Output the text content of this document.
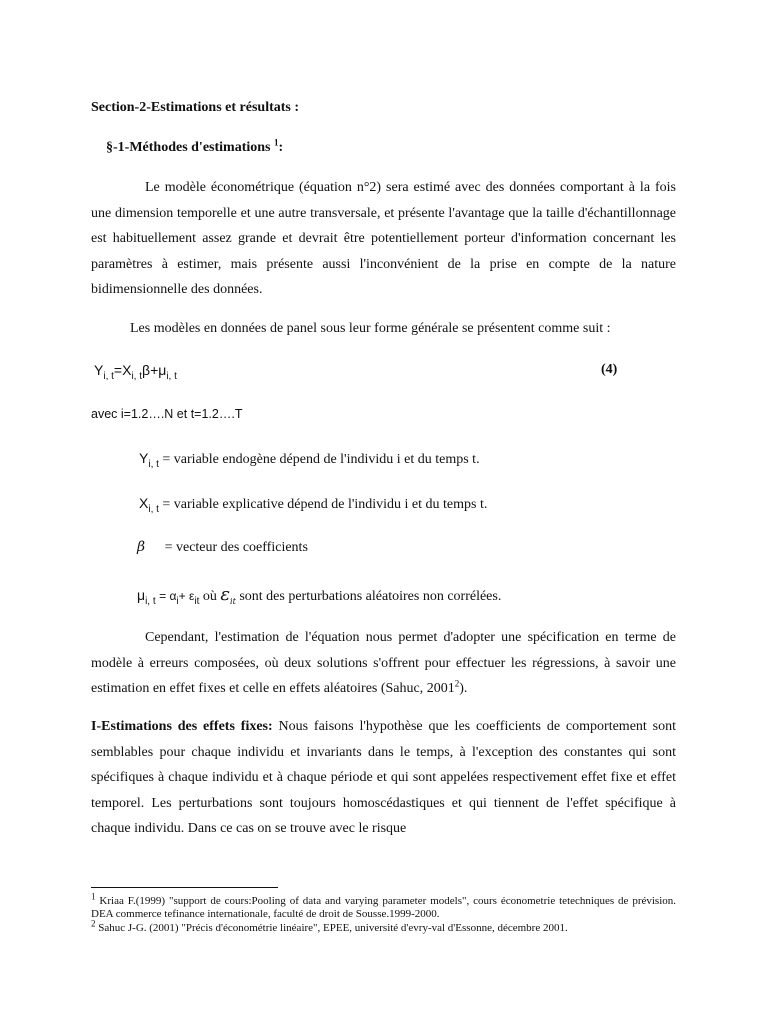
Section-2-Estimations et résultats :
§-1-Méthodes d'estimations $^1$:
Le modèle économétrique (équation n°2) sera estimé avec des données comportant à la fois une dimension temporelle et une autre transversale, et présente l'avantage que la taille d'échantillonnage est habituellement assez grande et devrait être potentiellement porteur d'information concernant les paramètres à estimer, mais présente aussi l'inconvénient de la prise en compte de la nature bidimensionnelle des données.
Les modèles en données de panel sous leur forme générale se présentent comme suit :
$Y_{i, t}=X_{i, t}\beta+\mu_{i, t}$	(4)
avec i=1.2….N et t=1.2….T
$Y_{i, t}$ = variable endogène dépend de l'individu i et du temps t.
$X_{i, t}$ = variable explicative dépend de l'individu i et du temps t.
β = vecteur des coefficients
$\mu_{i, t} = \alpha_i+ \varepsilon_{it}$ où $\varepsilon_{it}$ sont des perturbations aléatoires non corrélées.
Cependant, l'estimation de l'équation nous permet d'adopter une spécification en terme de modèle à erreurs composées, où deux solutions s'offrent pour effectuer les régressions, à savoir une estimation en effet fixes et celle en effets aléatoires (Sahuc, 2001$^2$).
I-Estimations des effets fixes: Nous faisons l'hypothèse que les coefficients de comportement sont semblables pour chaque individu et invariants dans le temps, à l'exception des constantes qui sont spécifiques à chaque individu et à chaque période et qui sont appelées respectivement effet fixe et effet temporel. Les perturbations sont toujours homoscédastiques et qui tiennent de l'effet spécifique à chaque individu. Dans ce cas on se trouve avec le risque
$^1$ Kriaa F.(1999) "support de cours:Pooling of data and varying parameter models", cours économetrie tetechniques de prévision. DEA commerce tefinance internationale, faculté de droit de Sousse.1999-2000.
$^2$ Sahuc J-G. (2001) "Précis d'économétrie linéaire", EPEE, université d'evry-val d'Essonne, décembre 2001.
